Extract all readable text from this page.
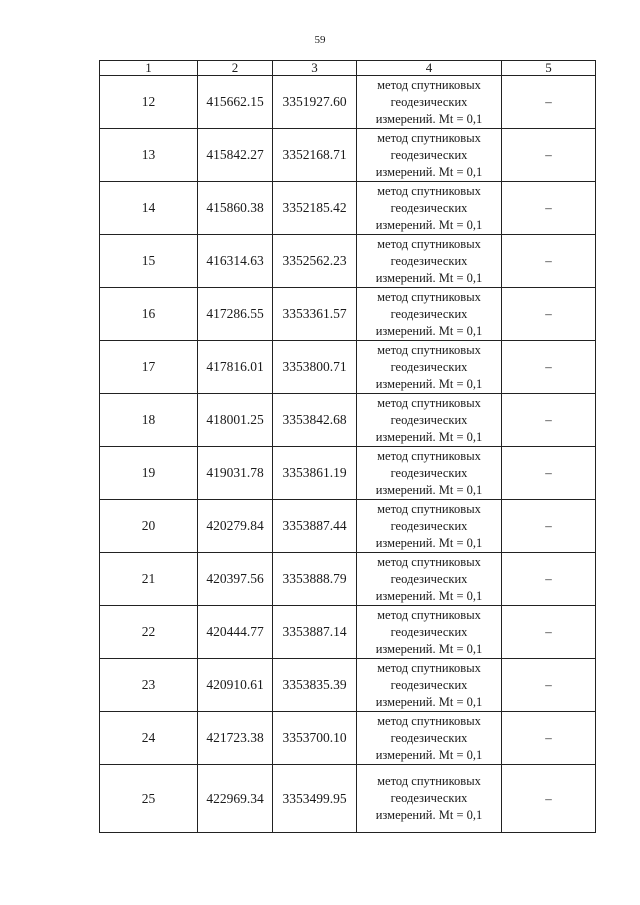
59
1	2	3	4	5
12	415662.15	3351927.60	метод спутниковых
геодезических
измерений. Mt = 0,1	–
13	415842.27	3352168.71	метод спутниковых
геодезических
измерений. Mt = 0,1	–
14	415860.38	3352185.42	метод спутниковых
геодезических
измерений. Mt = 0,1	–
15	416314.63	3352562.23	метод спутниковых
геодезических
измерений. Mt = 0,1	–
16	417286.55	3353361.57	метод спутниковых
геодезических
измерений. Mt = 0,1	–
17	417816.01	3353800.71	метод спутниковых
геодезических
измерений. Mt = 0,1	–
18	418001.25	3353842.68	метод спутниковых
геодезических
измерений. Mt = 0,1	–
19	419031.78	3353861.19	метод спутниковых
геодезических
измерений. Mt = 0,1	–
20	420279.84	3353887.44	метод спутниковых
геодезических
измерений. Mt = 0,1	–
21	420397.56	3353888.79	метод спутниковых
геодезических
измерений. Mt = 0,1	–
22	420444.77	3353887.14	метод спутниковых
геодезических
измерений. Mt = 0,1	–
23	420910.61	3353835.39	метод спутниковых
геодезических
измерений. Mt = 0,1	–
24	421723.38	3353700.10	метод спутниковых
геодезических
измерений. Mt = 0,1	–
25	422969.34	3353499.95	метод спутниковых
геодезических
измерений. Mt = 0,1	–
